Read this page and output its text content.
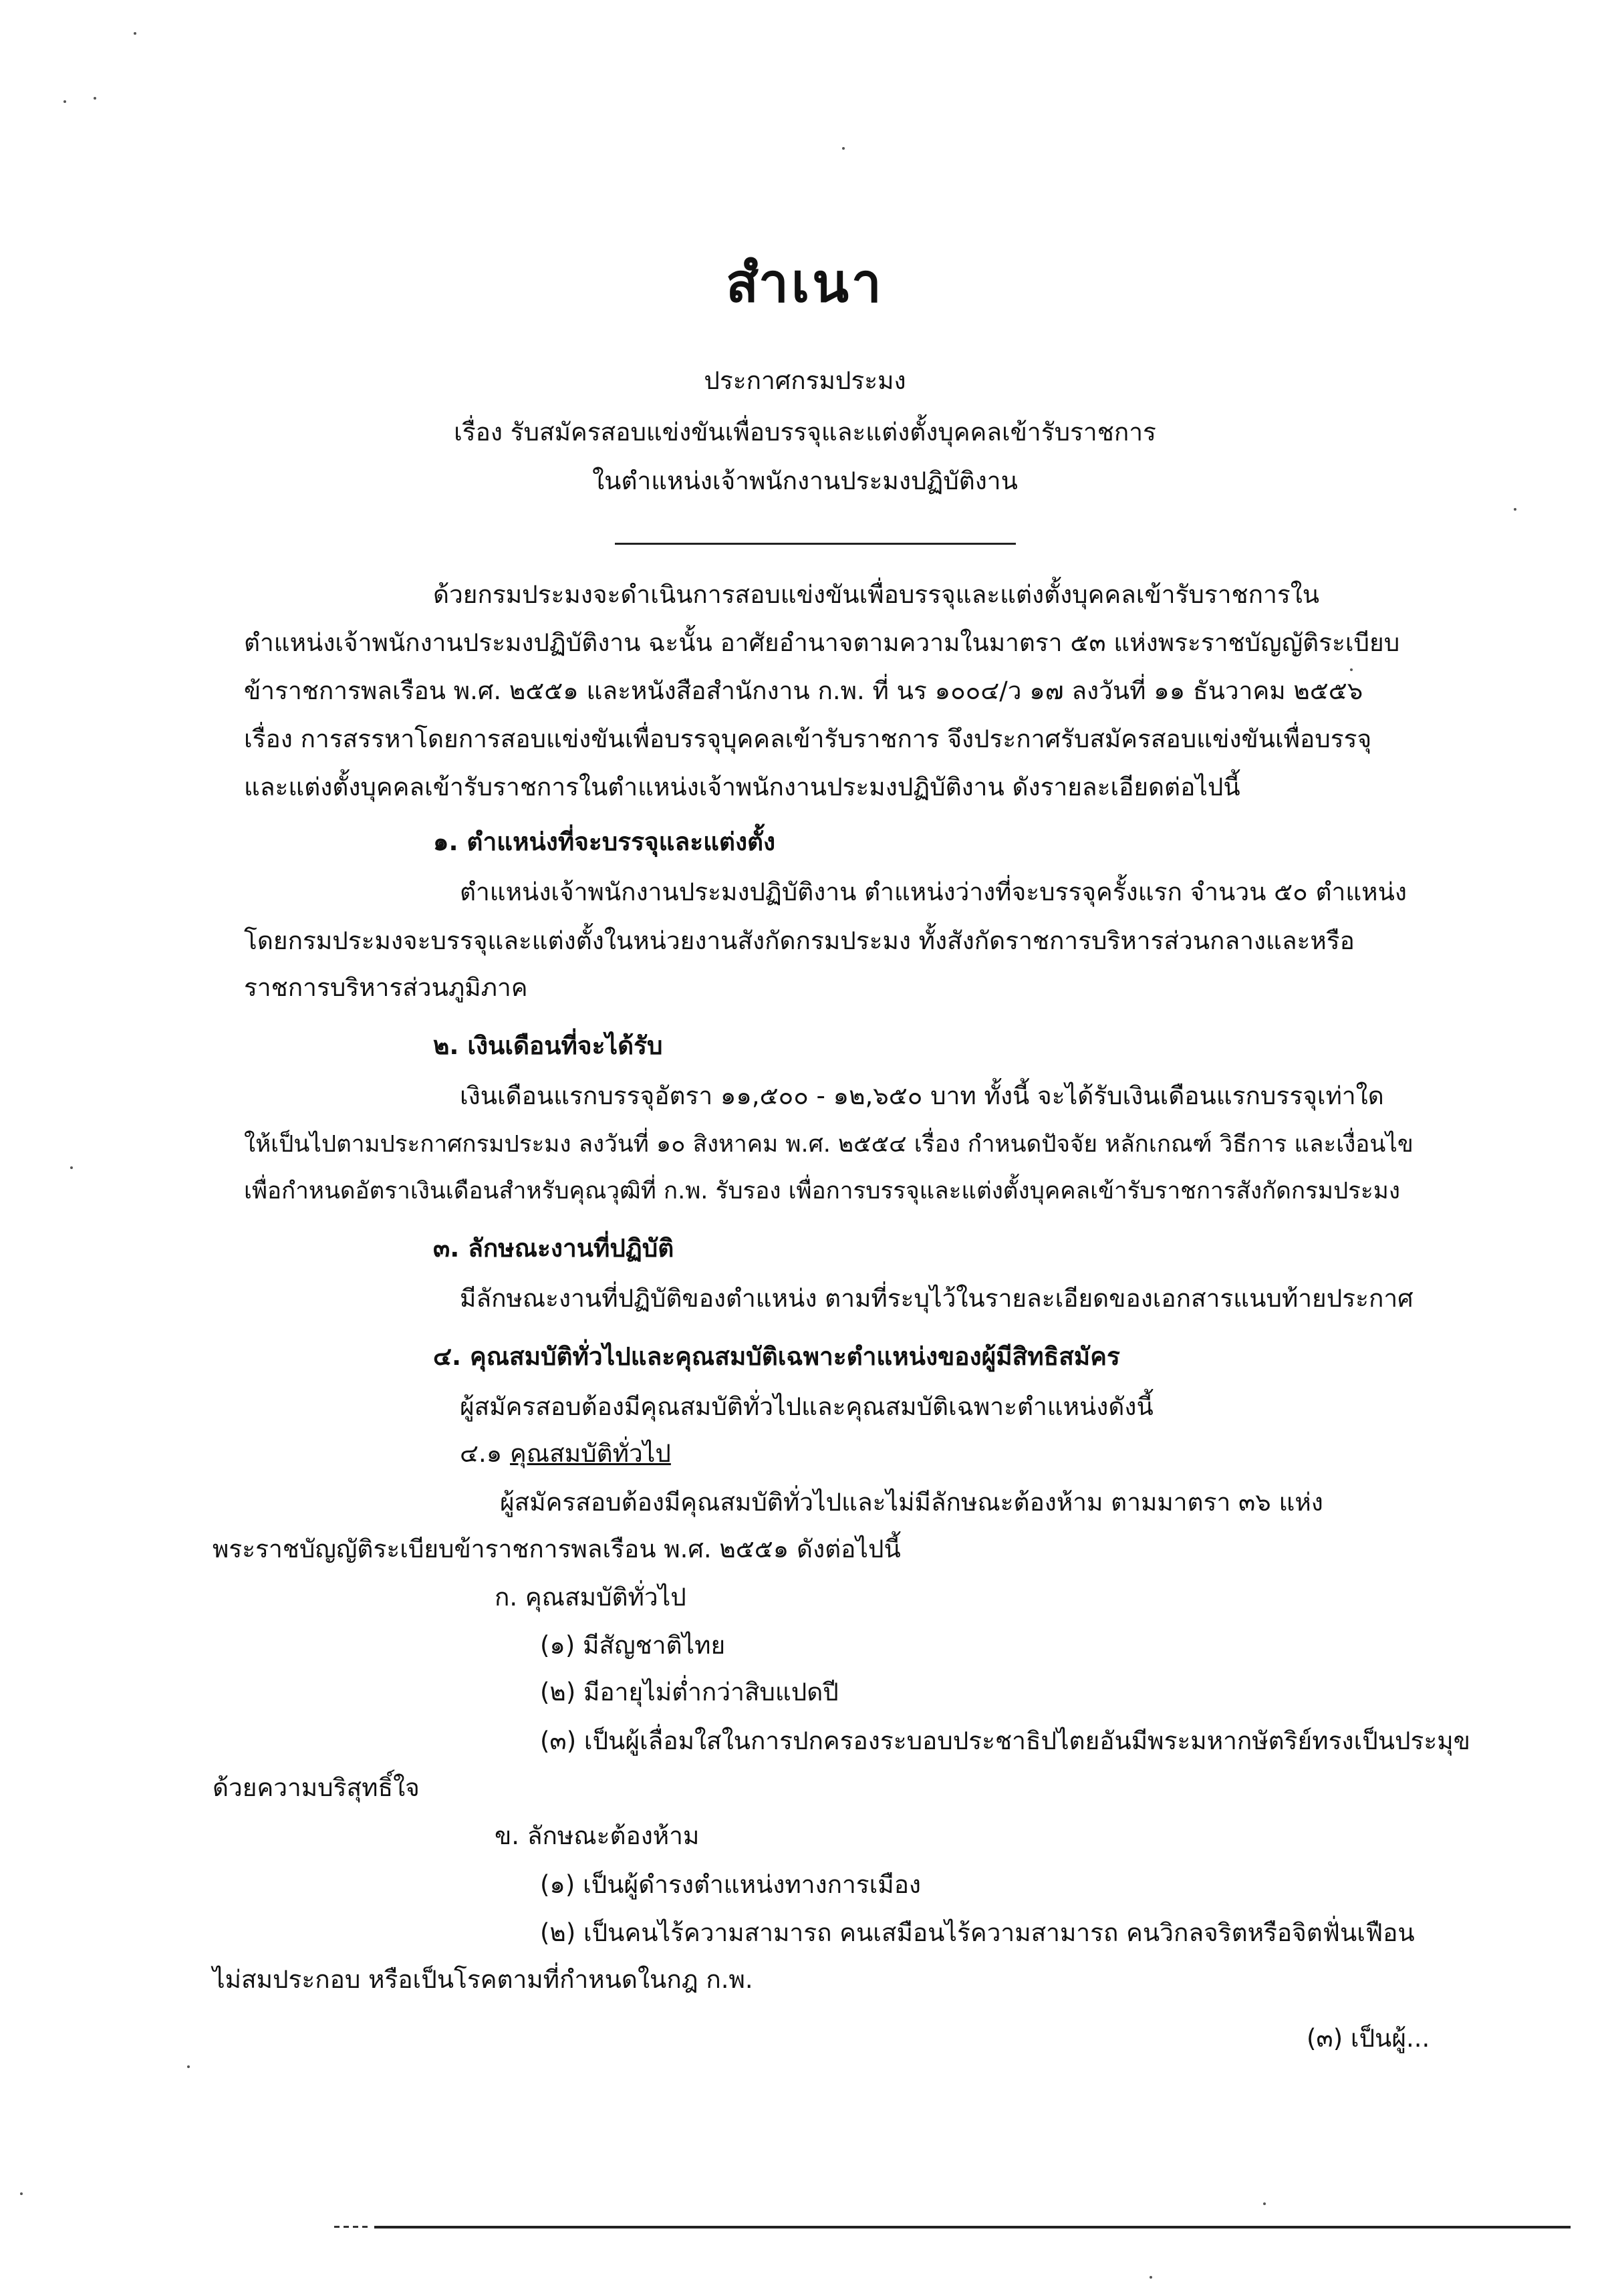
สำเนา
ประกาศกรมประมง
เรื่อง รับสมัครสอบแข่งขันเพื่อบรรจุและแต่งตั้งบุคคลเข้ารับราชการ
ในตำแหน่งเจ้าพนักงานประมงปฏิบัติงาน
ด้วยกรมประมงจะดำเนินการสอบแข่งขันเพื่อบรรจุและแต่งตั้งบุคคลเข้ารับราชการใน
ตำแหน่งเจ้าพนักงานประมงปฏิบัติงาน ฉะนั้น อาศัยอำนาจตามความในมาตรา ๕๓ แห่งพระราชบัญญัติระเบียบ
ข้าราชการพลเรือน พ.ศ. ๒๕๕๑ และหนังสือสำนักงาน ก.พ. ที่ นร ๑๐๐๔/ว ๑๗ ลงวันที่ ๑๑ ธันวาคม ๒๕๕๖
เรื่อง การสรรหาโดยการสอบแข่งขันเพื่อบรรจุบุคคลเข้ารับราชการ จึงประกาศรับสมัครสอบแข่งขันเพื่อบรรจุ
และแต่งตั้งบุคคลเข้ารับราชการในตำแหน่งเจ้าพนักงานประมงปฏิบัติงาน ดังรายละเอียดต่อไปนี้
๑. ตำแหน่งที่จะบรรจุและแต่งตั้ง
ตำแหน่งเจ้าพนักงานประมงปฏิบัติงาน ตำแหน่งว่างที่จะบรรจุครั้งแรก จำนวน ๕๐ ตำแหน่ง
โดยกรมประมงจะบรรจุและแต่งตั้งในหน่วยงานสังกัดกรมประมง ทั้งสังกัดราชการบริหารส่วนกลางและหรือ
ราชการบริหารส่วนภูมิภาค
๒. เงินเดือนที่จะได้รับ
เงินเดือนแรกบรรจุอัตรา ๑๑,๕๐๐ - ๑๒,๖๕๐ บาท ทั้งนี้ จะได้รับเงินเดือนแรกบรรจุเท่าใด
ให้เป็นไปตามประกาศกรมประมง ลงวันที่ ๑๐ สิงหาคม พ.ศ. ๒๕๕๔ เรื่อง กำหนดปัจจัย หลักเกณฑ์ วิธีการ และเงื่อนไข
เพื่อกำหนดอัตราเงินเดือนสำหรับคุณวุฒิที่ ก.พ. รับรอง เพื่อการบรรจุและแต่งตั้งบุคคลเข้ารับราชการสังกัดกรมประมง
๓. ลักษณะงานที่ปฏิบัติ
มีลักษณะงานที่ปฏิบัติของตำแหน่ง ตามที่ระบุไว้ในรายละเอียดของเอกสารแนบท้ายประกาศ
๔. คุณสมบัติทั่วไปและคุณสมบัติเฉพาะตำแหน่งของผู้มีสิทธิสมัคร
ผู้สมัครสอบต้องมีคุณสมบัติทั่วไปและคุณสมบัติเฉพาะตำแหน่งดังนี้
๔.๑ คุณสมบัติทั่วไป
ผู้สมัครสอบต้องมีคุณสมบัติทั่วไปและไม่มีลักษณะต้องห้าม ตามมาตรา ๓๖ แห่ง
พระราชบัญญัติระเบียบข้าราชการพลเรือน พ.ศ. ๒๕๕๑ ดังต่อไปนี้
ก. คุณสมบัติทั่วไป
(๑) มีสัญชาติไทย
(๒) มีอายุไม่ต่ำกว่าสิบแปดปี
(๓) เป็นผู้เลื่อมใสในการปกครองระบอบประชาธิปไตยอันมีพระมหากษัตริย์ทรงเป็นประมุข
ด้วยความบริสุทธิ์ใจ
ข. ลักษณะต้องห้าม
(๑) เป็นผู้ดำรงตำแหน่งทางการเมือง
(๒) เป็นคนไร้ความสามารถ คนเสมือนไร้ความสามารถ คนวิกลจริตหรือจิตฟั่นเฟือน
ไม่สมประกอบ หรือเป็นโรคตามที่กำหนดในกฎ ก.พ.
(๓) เป็นผู้...
